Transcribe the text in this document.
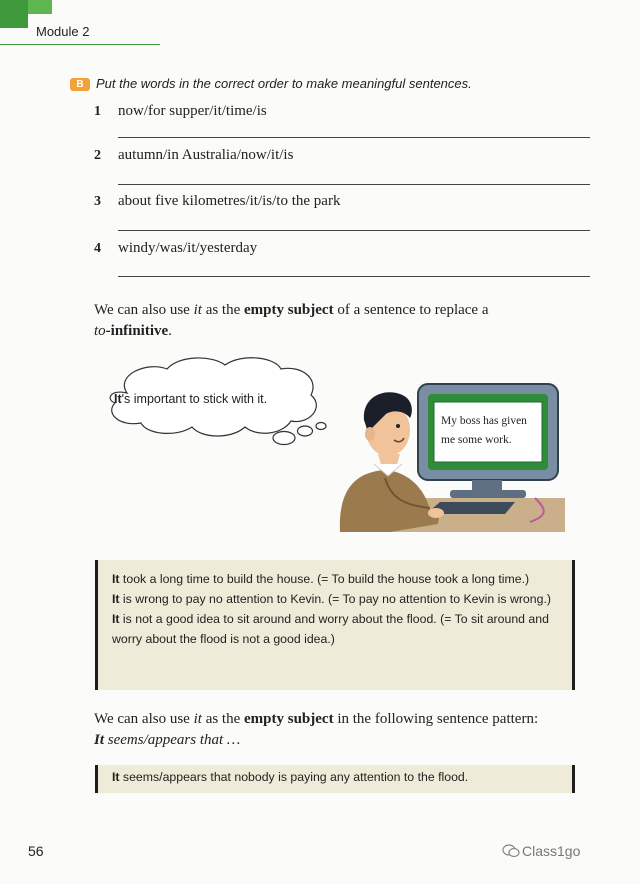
Module 2
B Put the words in the correct order to make meaningful sentences.
1 now/for supper/it/time/is
2 autumn/in Australia/now/it/is
3 about five kilometres/it/is/to the park
4 windy/was/it/yesterday
We can also use it as the empty subject of a sentence to replace a
to-infinitive.
It's important to stick with it.
My boss has given me some work.
It took a long time to build the house. (= To build the house took a long time.)
It is wrong to pay no attention to Kevin. (= To pay no attention to Kevin is wrong.)
It is not a good idea to sit around and worry about the flood. (= To sit around and worry about the flood is not a good idea.)
We can also use it as the empty subject in the following sentence pattern:
It seems/appears that …
It seems/appears that nobody is paying any attention to the flood.
56	Class1go
